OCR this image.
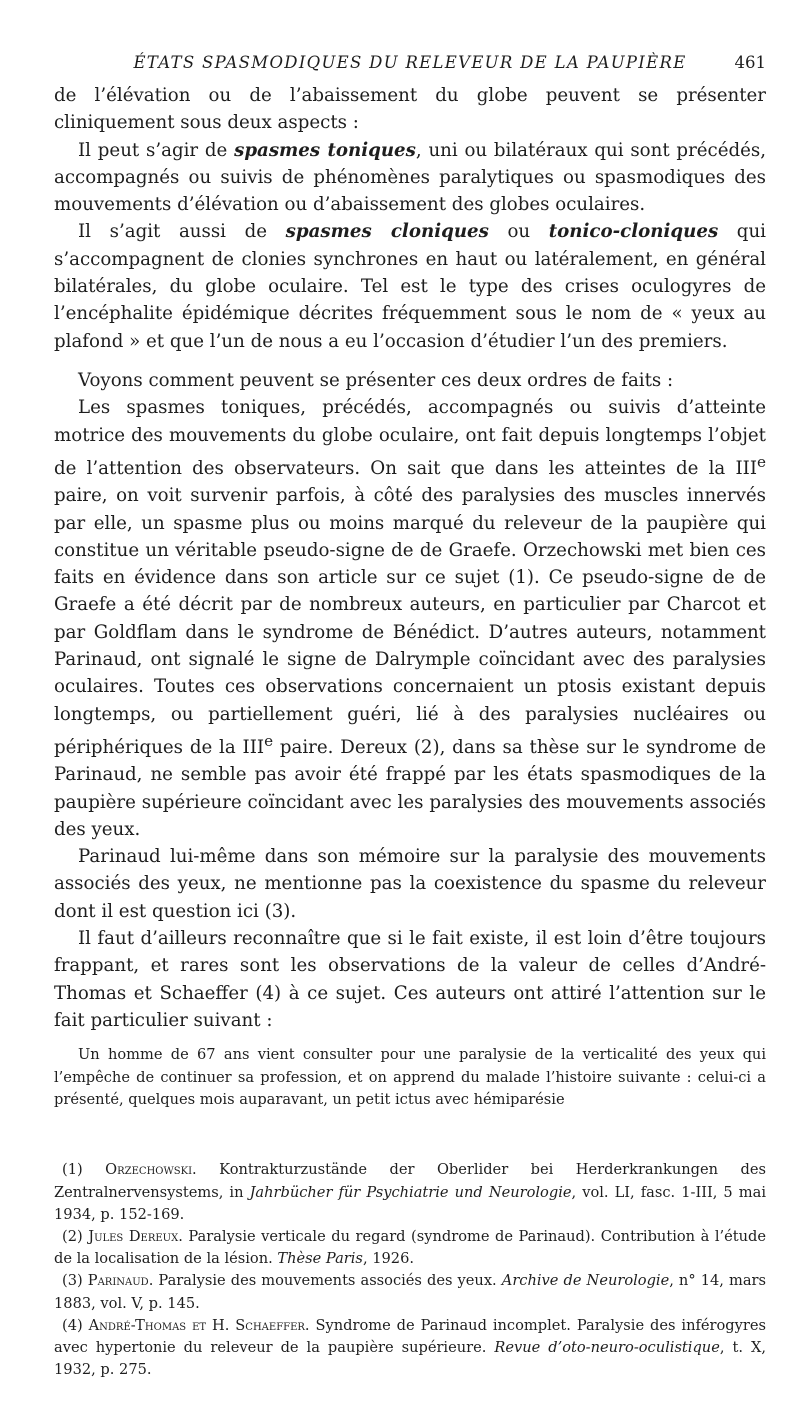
ÉTATS SPASMODIQUES DU RELEVEUR DE LA PAUPIÈRE	461

de l’élévation ou de l’abaissement du globe peuvent se présenter cliniquement sous deux aspects :

Il peut s’agir de spasmes toniques, uni ou bilatéraux qui sont précédés, accompagnés ou suivis de phénomènes paralytiques ou spasmodiques des mouvements d’élévation ou d’abaissement des globes oculaires.

Il s’agit aussi de spasmes cloniques ou tonico-cloniques qui s’accompagnent de clonies synchrones en haut ou latéralement, en général bilatérales, du globe oculaire. Tel est le type des crises oculogyres de l’encéphalite épidémique décrites fréquemment sous le nom de « yeux au plafond » et que l’un de nous a eu l’occasion d’étudier l’un des premiers.

Voyons comment peuvent se présenter ces deux ordres de faits :

Les spasmes toniques, précédés, accompagnés ou suivis d’atteinte motrice des mouvements du globe oculaire, ont fait depuis longtemps l’objet de l’attention des observateurs. On sait que dans les atteintes de la IIIe paire, on voit survenir parfois, à côté des paralysies des muscles innervés par elle, un spasme plus ou moins marqué du releveur de la paupière qui constitue un véritable pseudo-signe de de Graefe. Orzechowski met bien ces faits en évidence dans son article sur ce sujet (1). Ce pseudo-signe de de Graefe a été décrit par de nombreux auteurs, en particulier par Charcot et par Goldflam dans le syndrome de Bénédict. D’autres auteurs, notamment Parinaud, ont signalé le signe de Dalrymple coïncidant avec des paralysies oculaires. Toutes ces observations concernaient un ptosis existant depuis longtemps, ou partiellement guéri, lié à des paralysies nucléaires ou périphériques de la IIIe paire. Dereux (2), dans sa thèse sur le syndrome de Parinaud, ne semble pas avoir été frappé par les états spasmodiques de la paupière supérieure coïncidant avec les paralysies des mouvements associés des yeux.

Parinaud lui-même dans son mémoire sur la paralysie des mouvements associés des yeux, ne mentionne pas la coexistence du spasme du releveur dont il est question ici (3).

Il faut d’ailleurs reconnaître que si le fait existe, il est loin d’être toujours frappant, et rares sont les observations de la valeur de celles d’André-Thomas et Schaeffer (4) à ce sujet. Ces auteurs ont attiré l’attention sur le fait particulier suivant :

Un homme de 67 ans vient consulter pour une paralysie de la verticalité des yeux qui l’empêche de continuer sa profession, et on apprend du malade l’histoire suivante : celui-ci a présenté, quelques mois auparavant, un petit ictus avec hémiparésie

(1) Orzechowski. Kontrakturzustände der Oberlider bei Herderkrankungen des Zentralnervensystems, in Jahrbücher für Psychiatrie und Neurologie, vol. LI, fasc. 1-III, 5 mai 1934, p. 152-169.

(2) Jules Dereux. Paralysie verticale du regard (syndrome de Parinaud). Contribution à l’étude de la localisation de la lésion. Thèse Paris, 1926.

(3) Parinaud. Paralysie des mouvements associés des yeux. Archive de Neurologie, n° 14, mars 1883, vol. V, p. 145.

(4) André-Thomas et H. Schaeffer. Syndrome de Parinaud incomplet. Paralysie des inférogyres avec hypertonie du releveur de la paupière supérieure. Revue d’oto-neuro-oculistique, t. X, 1932, p. 275.
